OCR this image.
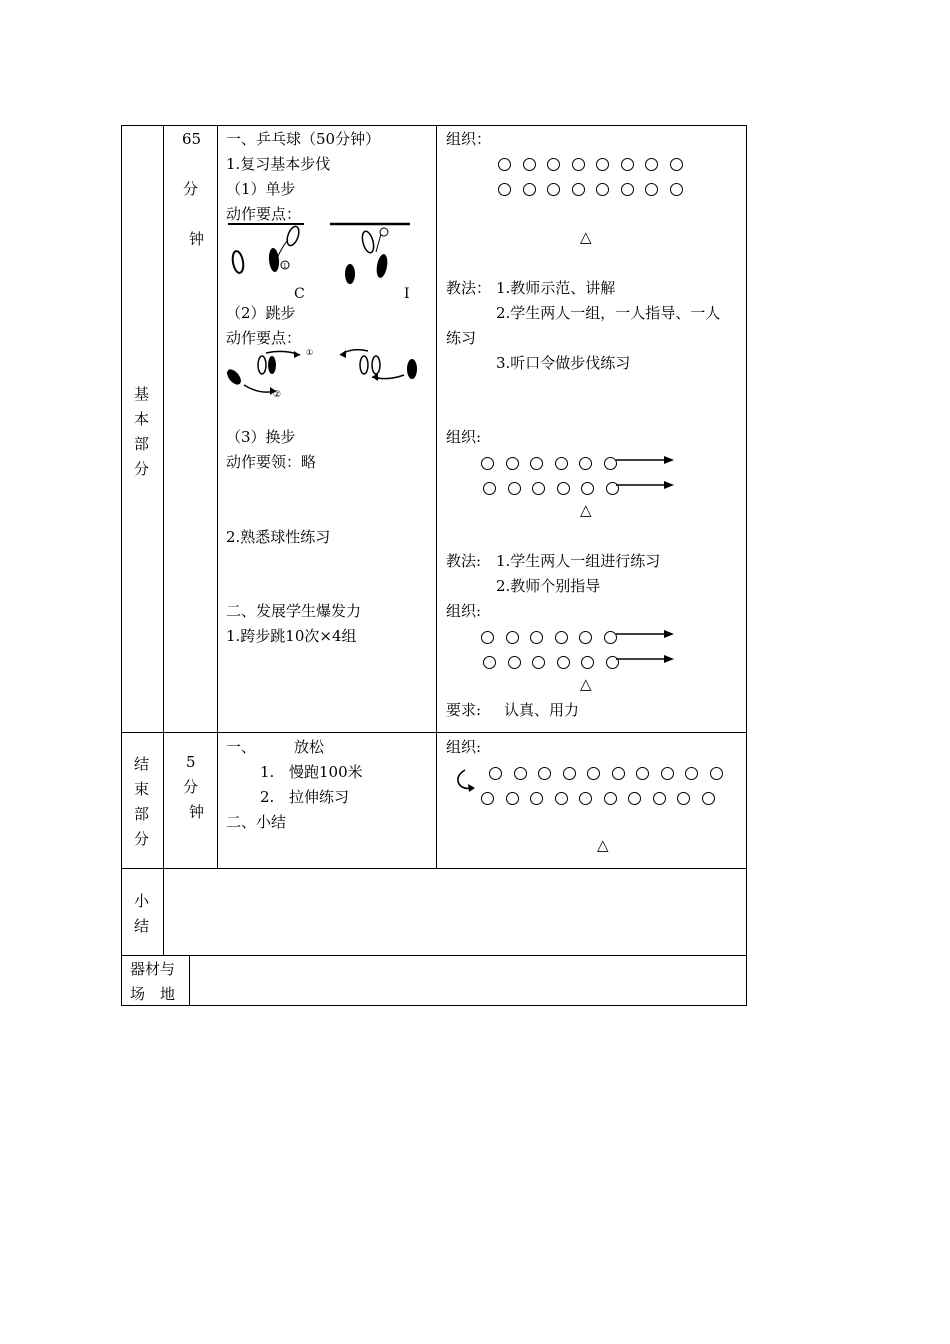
基
本
部
分
65
分
钟
一、乒乓球（50分钟）
1.复习基本步伐
（1）单步
动作要点：
1
C	I
（2）跳步
动作要点：
①
②
（3）换步
动作要领：略
2.熟悉球性练习
二、发展学生爆发力
1.跨步跳10次×4组
组织：
△
教法： 1.教师示范、讲解
2.学生两人一组，一人指导、一人
练习
3.听口令做步伐练习
组织:
△
教法: 1.学生两人一组进行练习
2.教师个别指导
组织:
△
要求: 认真、用力
结
束
部
分
5
分
钟
一、	放松
1. 慢跑100米
2. 拉伸练习
二、小结
组织:
△
小
结
器材与
场　地
